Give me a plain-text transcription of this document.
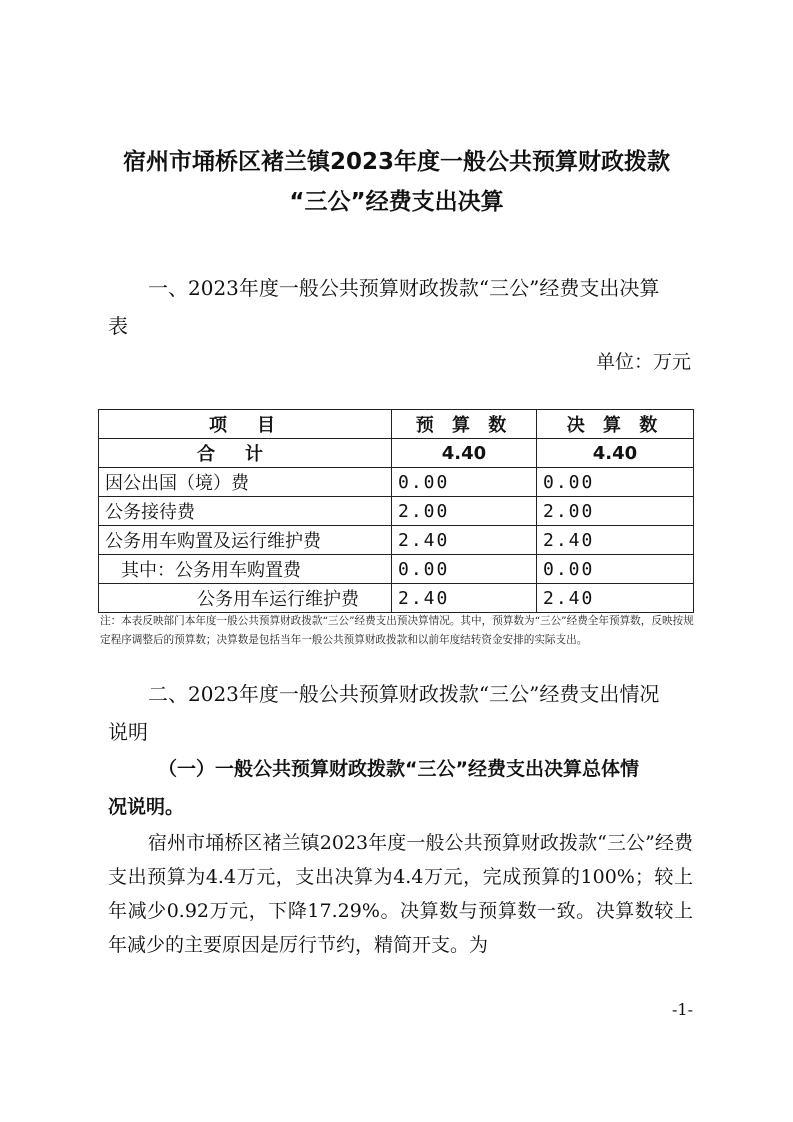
宿州市埇桥区褚兰镇2023年度一般公共预算财政拨款
“三公”经费支出决算
一、2023年度一般公共预算财政拨款“三公”经费支出决算
表
单位：万元
项　目	预 算 数	决 算 数
合计	4.40	4.40
因公出国（境）费	0.00	0.00
公务接待费	2.00	2.00
公务用车购置及运行维护费	2.40	2.40
其中：公务用车购置费	0.00	0.00
公务用车运行维护费	2.40	2.40
注：本表反映部门本年度一般公共预算财政拨款“三公”经费支出预决算情况。其中，预算数为“三公”经费全年预算数，反映按规定程序调整后的预算数；决算数是包括当年一般公共预算财政拨款和以前年度结转资金安排的实际支出。
二、2023年度一般公共预算财政拨款“三公”经费支出情况
说明
（一）一般公共预算财政拨款“三公”经费支出决算总体情
况说明。
宿州市埇桥区褚兰镇2023年度一般公共预算财政拨款“三公”经费支出预算为4.4万元，支出决算为4.4万元，完成预算的100%；较上年减少0.92万元，下降17.29%。决算数与预算数一致。决算数较上年减少的主要原因是厉行节约，精简开支。为
-1-
